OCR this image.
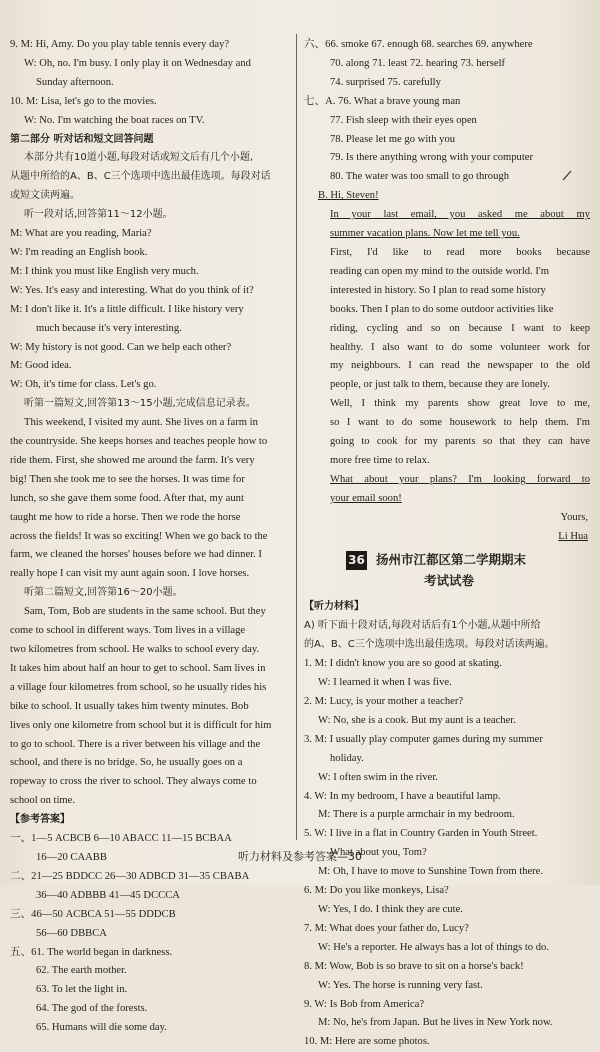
9. M: Hi, Amy. Do you play table tennis every day?
W: Oh, no. I'm busy. I only play it on Wednesday and
Sunday afternoon.
10. M: Lisa, let's go to the movies.
W: No. I'm watching the boat races on TV.
第二部分 听对话和短文回答问题
本部分共有10道小题,每段对话或短文后有几个小题,
从题中所给的A、B、C三个选项中选出最佳选项。每段对话
或短文读两遍。
听一段对话,回答第11～12小题。
M: What are you reading, Maria?
W: I'm reading an English book.
M: I think you must like English very much.
W: Yes. It's easy and interesting. What do you think of it?
M: I don't like it. It's a little difficult. I like history very
much because it's very interesting.
W: My history is not good. Can we help each other?
M: Good idea.
W: Oh, it's time for class. Let's go.
听第一篇短文,回答第13～15小题,完成信息记录表。
This weekend, I visited my aunt. She lives on a farm in
the countryside. She keeps horses and teaches people how to
ride them. First, she showed me around the farm. It's very
big! Then she took me to see the horses. It was time for
lunch, so she gave them some food. After that, my aunt
taught me how to ride a horse. Then we rode the horse
across the fields! It was so exciting! When we go back to the
farm, we cleaned the horses' houses before we had dinner. I
really hope I can visit my aunt again soon. I love horses.
听第二篇短文,回答第16～20小题。
Sam, Tom, Bob are students in the same school. But they
come to school in different ways. Tom lives in a village
two kilometres from school. He walks to school every day.
It takes him about half an hour to get to school. Sam lives in
a village four kilometres from school, so he usually rides his
bike to school. It usually takes him twenty minutes. Bob
lives only one kilometre from school but it is difficult for him
to go to school. There is a river between his village and the
school, and there is no bridge. So, he usually goes on a
ropeway to cross the river to school. They always come to
school on time.
【参考答案】
一、1—5 ACBCB 6—10 ABACC 11—15 BCBAA
16—20 CAABB
二、21—25 BDDCC 26—30 ADBCD 31—35 CBABA
36—40 ADBBB 41—45 DCCCA
三、46—50 ACBCA 51—55 DDDCB
56—60 DBBCA
五、61. The world began in darkness.
62. The earth mother.
63. To let the light in.
64. The god of the forests.
65. Humans will die some day.
六、66. smoke 67. enough 68. searches 69. anywhere
70. along 71. least 72. hearing 73. herself
74. surprised 75. carefully
七、A. 76. What a brave young man
77. Fish sleep with their eyes open
78. Please let me go with you
79. Is there anything wrong with your computer
80. The water was too small to go through
B. Hi, Steven!
In your last email, you asked me about my
summer vacation plans. Now let me tell you.
First, I'd like to read more books because
reading can open my mind to the outside world. I'm
interested in history. So I plan to read some history
books. Then I plan to do some outdoor activities like
riding, cycling and so on because I want to keep
healthy. I also want to do some volunteer work for
my neighbours. I can read the newspaper to the old
people, or just talk to them, because they are lonely.
Well, I think my parents show great love to me,
so I want to do some housework to help them. I'm
going to cook for my parents so that they can have
more free time to relax.
What about your plans? I'm looking forward to
your email soon!
Yours,
Li Hua
36 扬州市江都区第二学期期末
考试试卷
【听力材料】
A) 听下面十段对话,每段对话后有1个小题,从题中所给
的A、B、C三个选项中选出最佳选项。每段对话读两遍。
1. M: I didn't know you are so good at skating.
W: I learned it when I was five.
2. M: Lucy, is your mother a teacher?
W: No, she is a cook. But my aunt is a teacher.
3. M: I usually play computer games during my summer
holiday.
W: I often swim in the river.
4. W: In my bedroom, I have a beautiful lamp.
M: There is a purple armchair in my bedroom.
5. W: I live in a flat in Country Garden in Youth Street.
What about you, Tom?
M: Oh, I have to move to Sunshine Town from there.
6. M: Do you like monkeys, Lisa?
W: Yes, I do. I think they are cute.
7. M: What does your father do, Lucy?
W: He's a reporter. He always has a lot of things to do.
8. M: Wow, Bob is so brave to sit on a horse's back!
W: Yes. The horse is running very fast.
9. W: Is Bob from America?
M: No, he's from Japan. But he lives in New York now.
10. M: Here are some photos.
听力材料及参考答案—30
